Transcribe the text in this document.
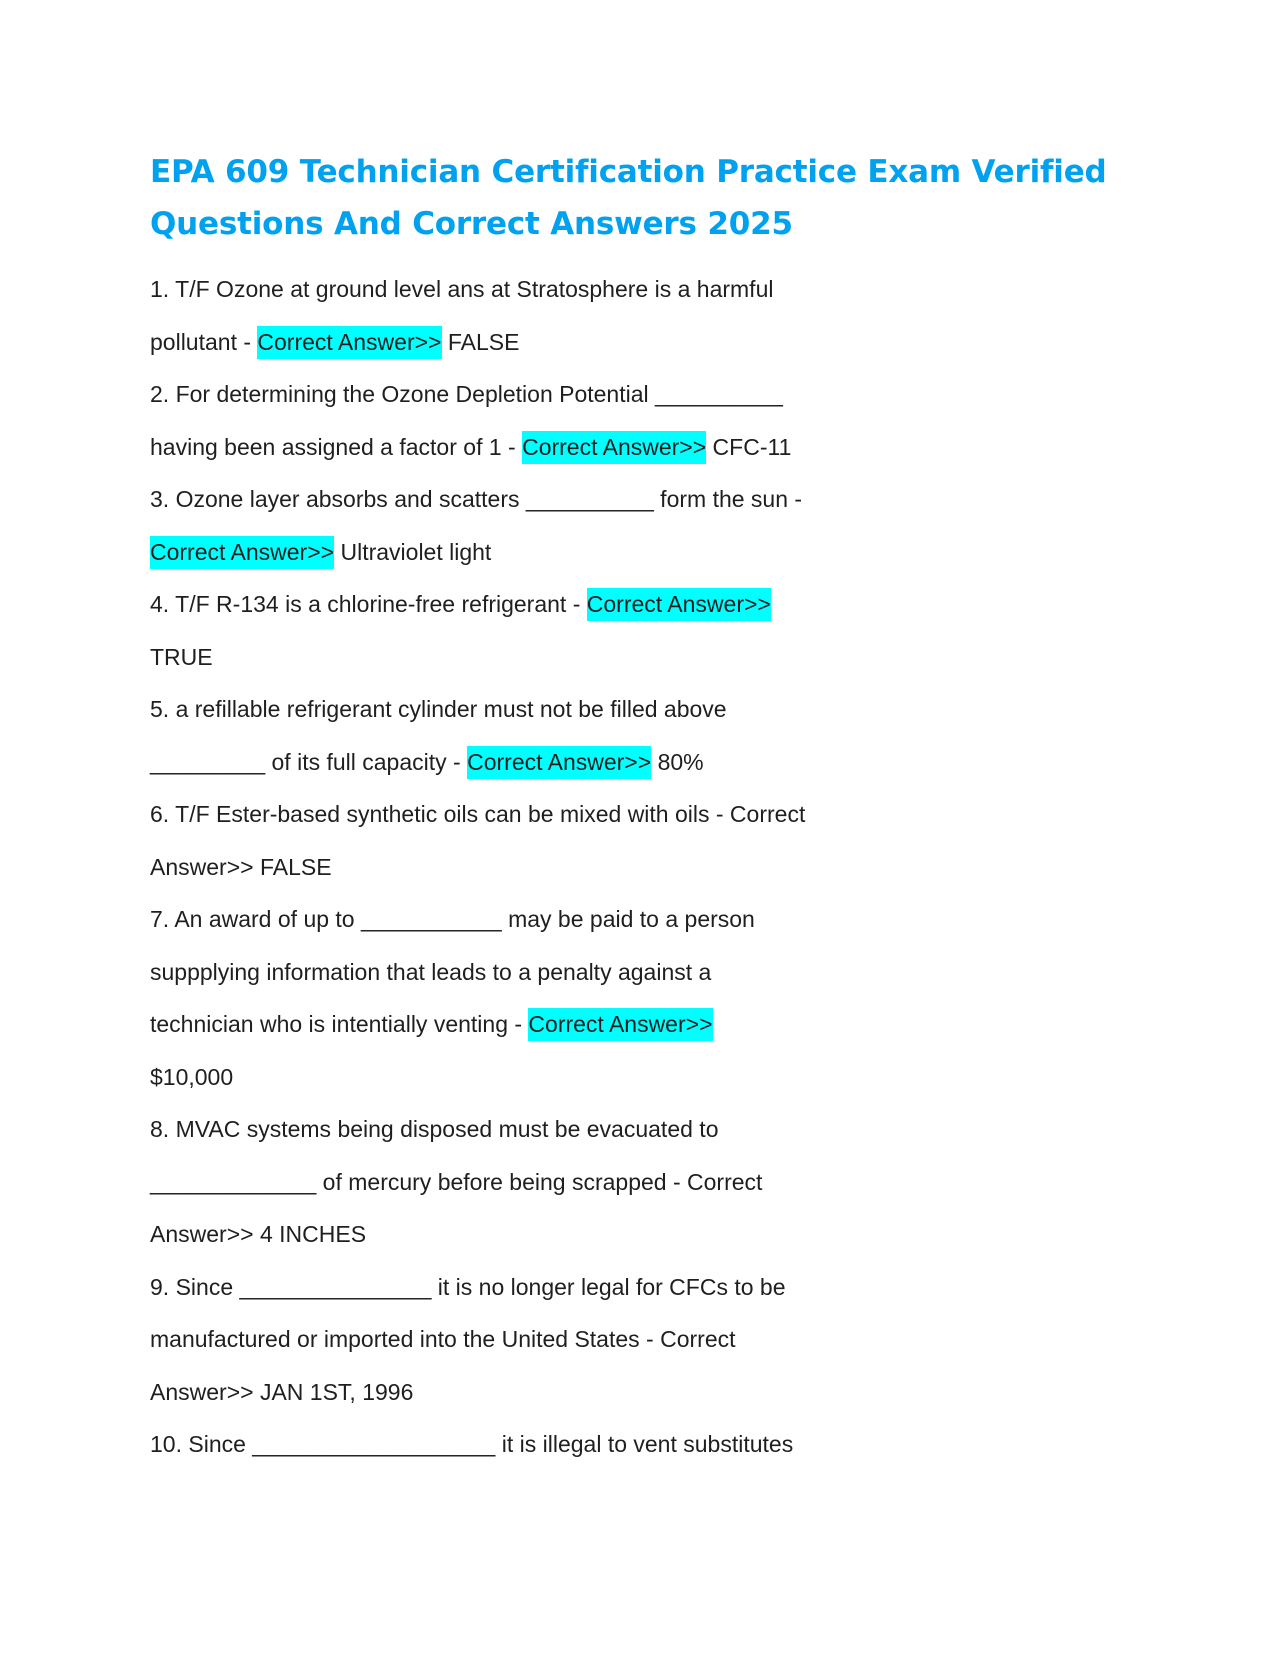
EPA 609 Technician Certification Practice Exam Verified
Questions And Correct Answers 2025
1. T/F Ozone at ground level ans at Stratosphere is a harmful
pollutant - Correct Answer>> FALSE
2. For determining the Ozone Depletion Potential __________
having been assigned a factor of 1 - Correct Answer>> CFC-11
3. Ozone layer absorbs and scatters __________ form the sun -
Correct Answer>> Ultraviolet light
4. T/F R-134 is a chlorine-free refrigerant - Correct Answer>>
TRUE
5. a refillable refrigerant cylinder must not be filled above
_________ of its full capacity - Correct Answer>> 80%
6. T/F Ester-based synthetic oils can be mixed with oils - Correct
Answer>> FALSE
7. An award of up to ___________ may be paid to a person
suppplying information that leads to a penalty against a
technician who is intentially venting - Correct Answer>>
$10,000
8. MVAC systems being disposed must be evacuated to
_____________ of mercury before being scrapped - Correct
Answer>> 4 INCHES
9. Since _______________ it is no longer legal for CFCs to be
manufactured or imported into the United States - Correct
Answer>> JAN 1ST, 1996
10. Since ___________________ it is illegal to vent substitutes
